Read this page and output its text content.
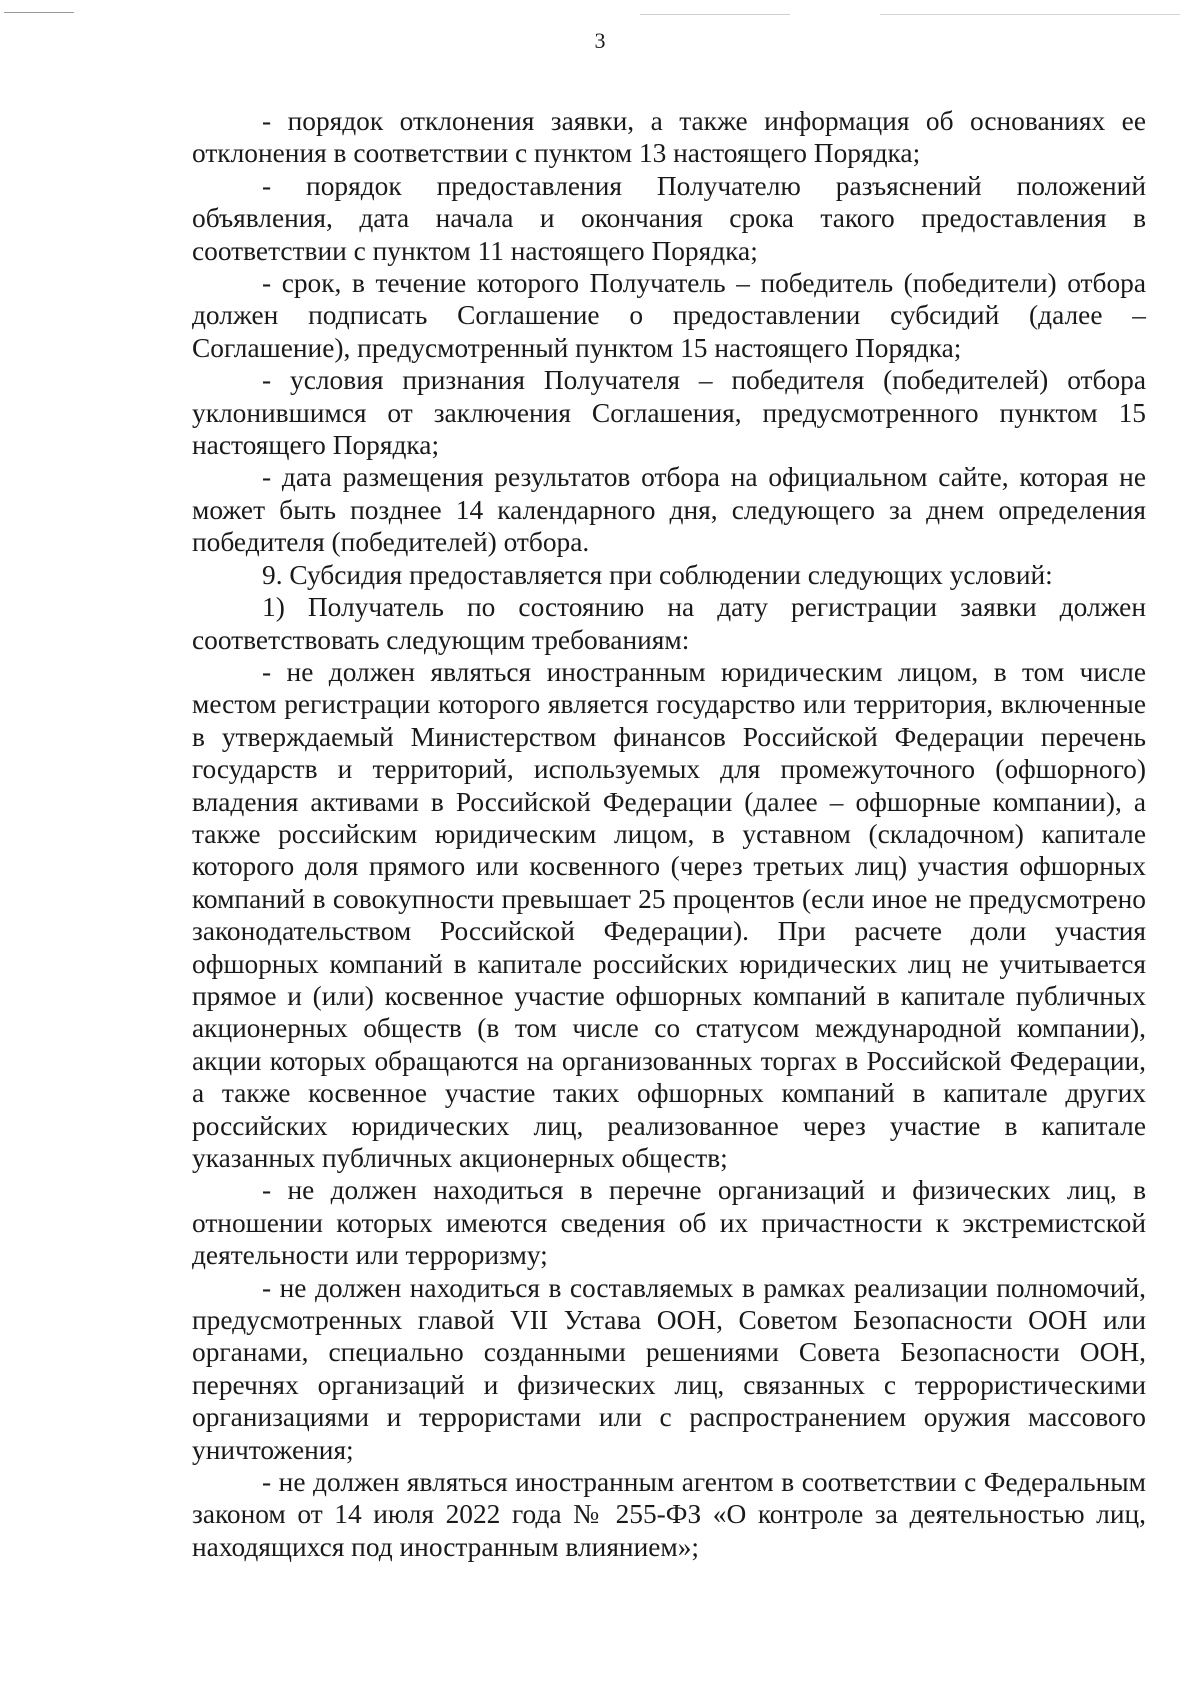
3

- порядок отклонения заявки, а также информация об основаниях ее отклонения в соответствии с пунктом 13 настоящего Порядка;

- порядок предоставления Получателю разъяснений положений объявления, дата начала и окончания срока такого предоставления в соответствии с пунктом 11 настоящего Порядка;

- срок, в течение которого Получатель – победитель (победители) отбора должен подписать Соглашение о предоставлении субсидий (далее – Соглашение), предусмотренный пунктом 15 настоящего Порядка;

- условия признания Получателя – победителя (победителей) отбора уклонившимся от заключения Соглашения, предусмотренного пунктом 15 настоящего Порядка;

- дата размещения результатов отбора на официальном сайте, которая не может быть позднее 14 календарного дня, следующего за днем определения победителя (победителей) отбора.

9. Субсидия предоставляется при соблюдении следующих условий:

1) Получатель по состоянию на дату регистрации заявки должен соответствовать следующим требованиям:

- не должен являться иностранным юридическим лицом, в том числе местом регистрации которого является государство или территория, включенные в утверждаемый Министерством финансов Российской Федерации перечень государств и территорий, используемых для промежуточного (офшорного) владения активами в Российской Федерации (далее – офшорные компании), а также российским юридическим лицом, в уставном (складочном) капитале которого доля прямого или косвенного (через третьих лиц) участия офшорных компаний в совокупности превышает 25 процентов (если иное не предусмотрено законодательством Российской Федерации). При расчете доли участия офшорных компаний в капитале российских юридических лиц не учитывается прямое и (или) косвенное участие офшорных компаний в капитале публичных акционерных обществ (в том числе со статусом международной компании), акции которых обращаются на организованных торгах в Российской Федерации, а также косвенное участие таких офшорных компаний в капитале других российских юридических лиц, реализованное через участие в капитале указанных публичных акционерных обществ;

- не должен находиться в перечне организаций и физических лиц, в отношении которых имеются сведения об их причастности к экстремистской деятельности или терроризму;

- не должен находиться в составляемых в рамках реализации полномочий, предусмотренных главой VII Устава ООН, Советом Безопасности ООН или органами, специально созданными решениями Совета Безопасности ООН, перечнях организаций и физических лиц, связанных с террористическими организациями и террористами или с распространением оружия массового уничтожения;

- не должен являться иностранным агентом в соответствии с Федеральным законом от 14 июля 2022 года № 255-ФЗ «О контроле за деятельностью лиц, находящихся под иностранным влиянием»;
